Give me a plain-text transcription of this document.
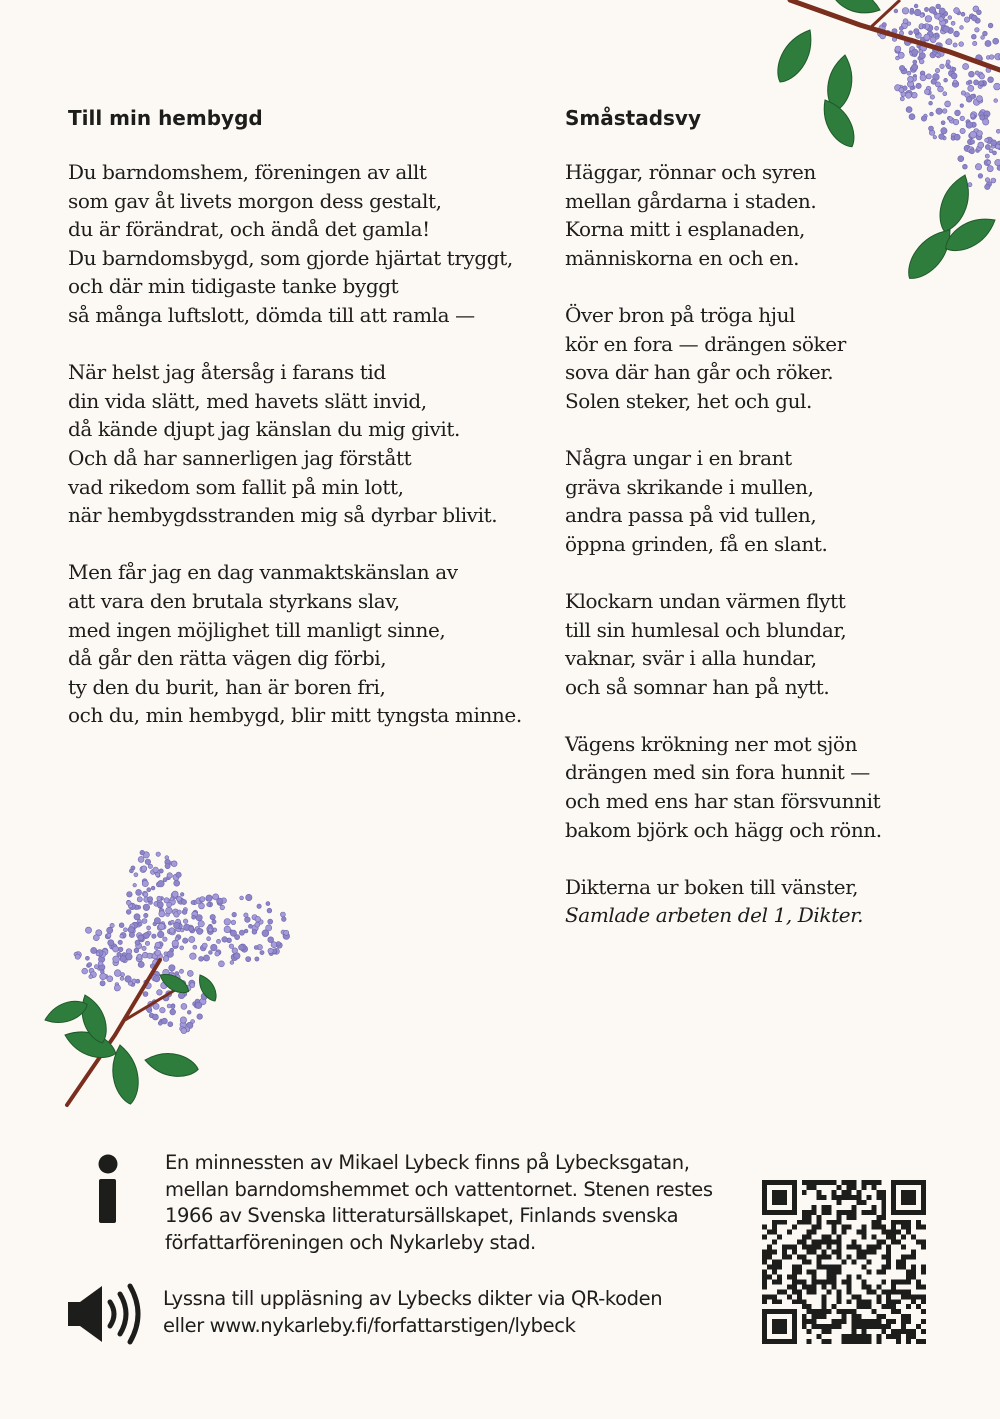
Till min hembygd
Du barndomshem, föreningen av allt
som gav åt livets morgon dess gestalt,
du är förändrat, och ändå det gamla!
Du barndomsbygd, som gjorde hjärtat tryggt,
och där min tidigaste tanke byggt
så många luftslott, dömda till att ramla —
När helst jag återsåg i farans tid
din vida slätt, med havets slätt invid,
då kände djupt jag känslan du mig givit.
Och då har sannerligen jag förstått
vad rikedom som fallit på min lott,
när hembygdsstranden mig så dyrbar blivit.
Men får jag en dag vanmaktskänslan av
att vara den brutala styrkans slav,
med ingen möjlighet till manligt sinne,
då går den rätta vägen dig förbi,
ty den du burit, han är boren fri,
och du, min hembygd, blir mitt tyngsta minne.
Småstadsvy
Häggar, rönnar och syren
mellan gårdarna i staden.
Korna mitt i esplanaden,
människorna en och en.
Över bron på tröga hjul
kör en fora — drängen söker
sova där han går och röker.
Solen steker, het och gul.
Några ungar i en brant
gräva skrikande i mullen,
andra passa på vid tullen,
öppna grinden, få en slant.
Klockarn undan värmen flytt
till sin humlesal och blundar,
vaknar, svär i alla hundar,
och så somnar han på nytt.
Vägens krökning ner mot sjön
drängen med sin fora hunnit —
och med ens har stan försvunnit
bakom björk och hägg och rönn.
Dikterna ur boken till vänster,
Samlade arbeten del 1, Dikter.
En minnessten av Mikael Lybeck finns på Lybecksgatan,
mellan barndomshemmet och vattentornet. Stenen restes
1966 av Svenska litteratursällskapet, Finlands svenska
författarföreningen och Nykarleby stad.
Lyssna till uppläsning av Lybecks dikter via QR-koden
eller www.nykarleby.fi/forfattarstigen/lybeck
